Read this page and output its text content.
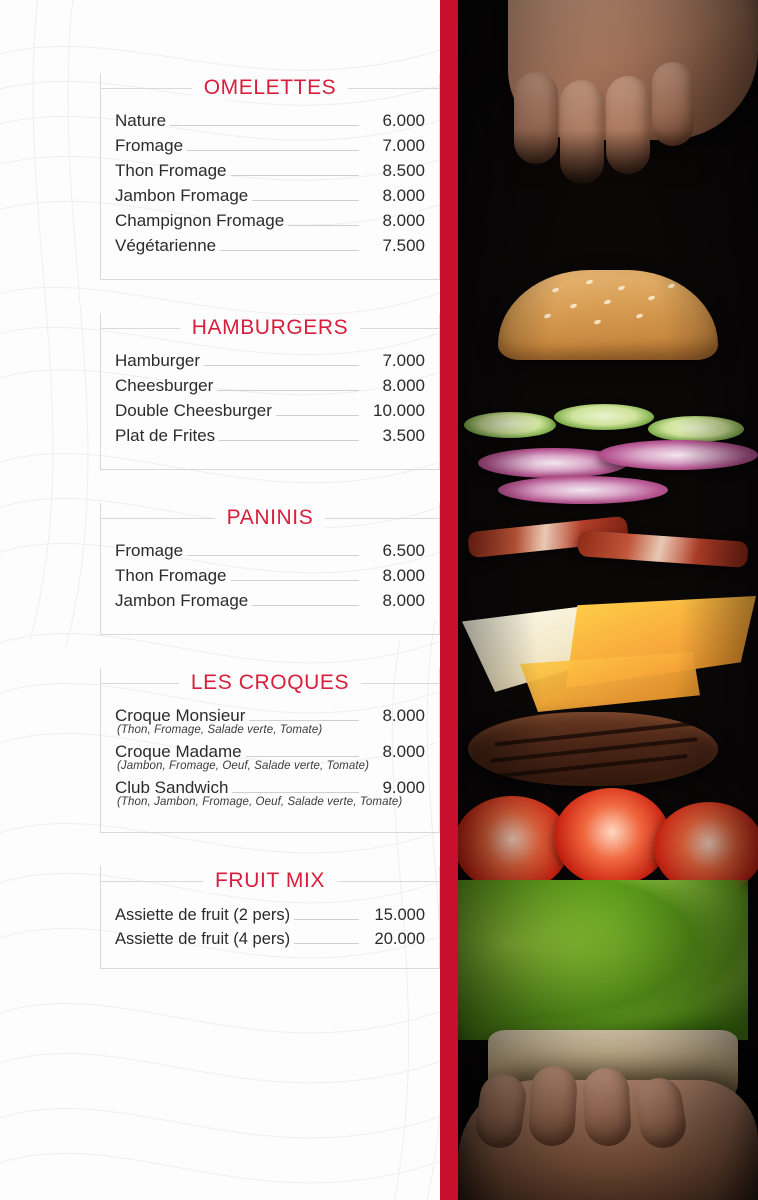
OMELETTES
Nature	6.000
Fromage	7.000
Thon Fromage	8.500
Jambon Fromage	8.000
Champignon Fromage	8.000
Végétarienne	7.500
HAMBURGERS
Hamburger	7.000
Cheesburger	8.000
Double Cheesburger	10.000
Plat de Frites	3.500
PANINIS
Fromage	6.500
Thon Fromage	8.000
Jambon Fromage	8.000
LES CROQUES
Croque Monsieur	8.000
(Thon, Fromage, Salade verte, Tomate)
Croque Madame	8.000
(Jambon, Fromage, Oeuf, Salade verte, Tomate)
Club Sandwich	9.000
(Thon, Jambon, Fromage, Oeuf, Salade verte, Tomate)
FRUIT MIX
Assiette de fruit (2 pers)	15.000
Assiette de fruit (4 pers)	20.000
